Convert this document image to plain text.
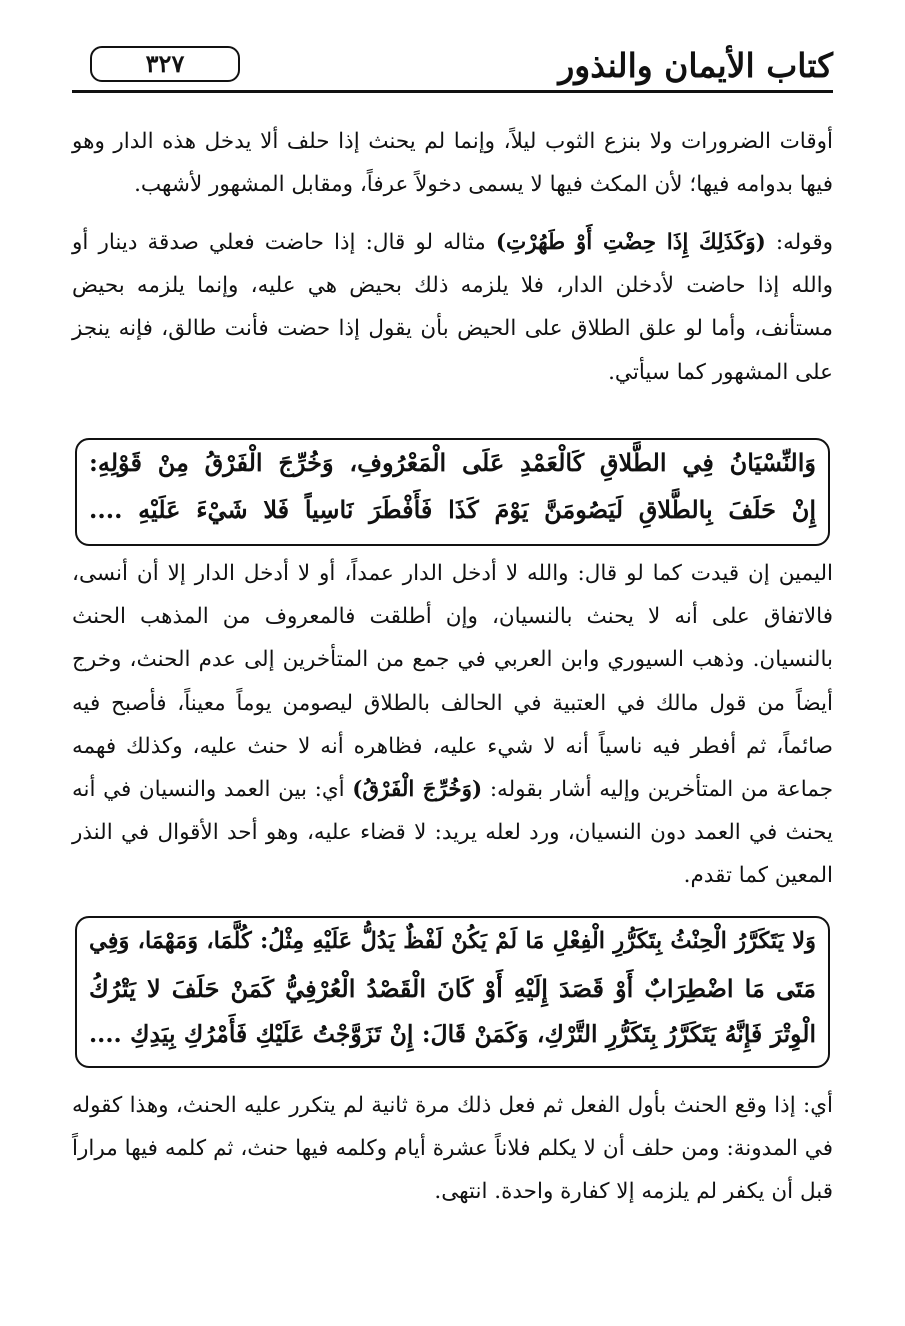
كتاب الأيمان والنذور
٣٢٧

أوقات الضرورات ولا بنزع الثوب ليلاً، وإنما لم يحنث إذا حلف ألا يدخل هذه الدار وهو فيها بدوامه فيها؛ لأن المكث فيها لا يسمى دخولاً عرفاً، ومقابل المشهور لأشهب.

وقوله: (وَكَذَلِكَ إِذَا حِضْتِ أَوْ طَهُرْتِ) مثاله لو قال: إذا حاضت فعلي صدقة دينار أو والله إذا حاضت لأدخلن الدار، فلا يلزمه ذلك بحيض هي عليه، وإنما يلزمه بحيض مستأنف، وأما لو علق الطلاق على الحيض بأن يقول إذا حضت فأنت طالق، فإنه ينجز على المشهور كما سيأتي.

وَالنِّسْيَانُ فِي الطَّلاقِ كَالْعَمْدِ عَلَى الْمَعْرُوفِ، وَخُرِّجَ الْفَرْقُ مِنْ قَوْلِهِ:
إِنْ حَلَفَ بِالطَّلاقِ لَيَصُومَنَّ يَوْمَ كَذَا فَأَفْطَرَ نَاسِياً فَلا شَيْءَ عَلَيْهِ ....

اليمين إن قيدت كما لو قال: والله لا أدخل الدار عمداً، أو لا أدخل الدار إلا أن أنسى، فالاتفاق على أنه لا يحنث بالنسيان، وإن أطلقت فالمعروف من المذهب الحنث بالنسيان. وذهب السيوري وابن العربي في جمع من المتأخرين إلى عدم الحنث، وخرج أيضاً من قول مالك في العتبية في الحالف بالطلاق ليصومن يوماً معيناً، فأصبح فيه صائماً، ثم أفطر فيه ناسياً أنه لا شيء عليه، فظاهره أنه لا حنث عليه، وكذلك فهمه جماعة من المتأخرين وإليه أشار بقوله: (وَخُرِّجَ الْفَرْقُ) أي: بين العمد والنسيان في أنه يحنث في العمد دون النسيان، ورد لعله يريد: لا قضاء عليه، وهو أحد الأقوال في النذر المعين كما تقدم.

وَلا يَتَكَرَّرُ الْحِنْثُ بِتَكَرُّرِ الْفِعْلِ مَا لَمْ يَكُنْ لَفْظٌ يَدُلُّ عَلَيْهِ مِثْلُ: كُلَّمَا، وَمَهْمَا، وَفِي
مَتَى مَا اضْطِرَابٌ أَوْ قَصَدَ إِلَيْهِ أَوْ كَانَ الْقَصْدُ الْعُرْفِيُّ كَمَنْ حَلَفَ لا يَتْرُكُ
الْوِتْرَ فَإِنَّهُ يَتَكَرَّرُ بِتَكَرُّرِ التَّرْكِ، وَكَمَنْ قَالَ: إِنْ تَزَوَّجْتُ عَلَيْكِ فَأَمْرُكِ بِيَدِكِ ....

أي: إذا وقع الحنث بأول الفعل ثم فعل ذلك مرة ثانية لم يتكرر عليه الحنث، وهذا كقوله في المدونة: ومن حلف أن لا يكلم فلاناً عشرة أيام وكلمه فيها حنث، ثم كلمه فيها مراراً قبل أن يكفر لم يلزمه إلا كفارة واحدة. انتهى.
